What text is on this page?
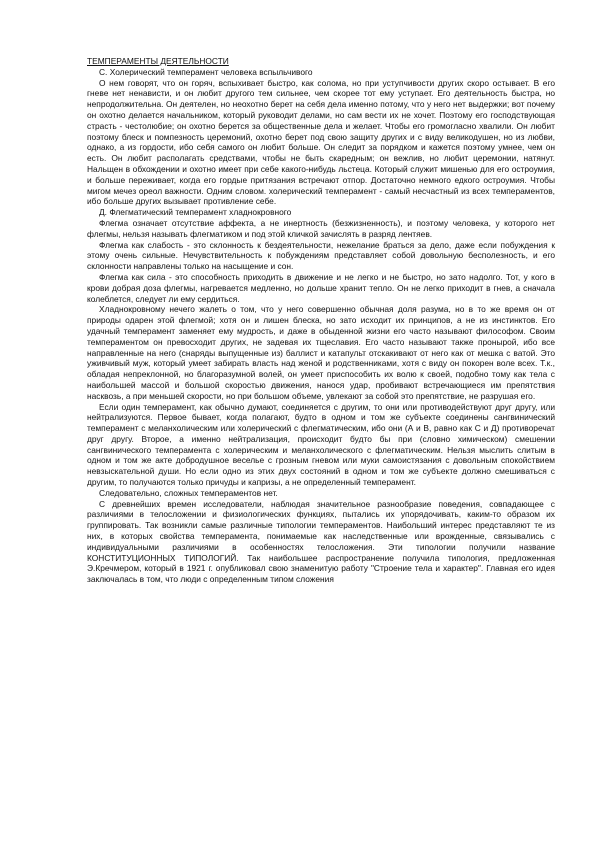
ТЕМПЕРАМЕНТЫ ДЕЯТЕЛЬНОСТИ

С. Холерический темперамент человека вспыльчивого

О нем говорят, что он горяч, вспыхивает быстро, как солома, но при уступчивости других скоро остывает. В его гневе нет ненависти, и он любит другого тем сильнее, чем скорее тот ему уступает. Его деятельность быстра, но непродолжительна. Он деятелен, но неохотно берет на себя дела именно потому, что у него нет выдержки; вот почему он охотно делается начальником, который руководит делами, но сам вести их не хочет. Поэтому его господствующая страсть - честолюбие; он охотно берется за общественные дела и желает. Чтобы его громогласно хвалили. Он любит поэтому блеск и помпезность церемоний, охотно берет под свою защиту других и с виду великодушен, но из любви, однако, а из гордости, ибо себя самого он любит больше. Он следит за порядком и кажется поэтому умнее, чем он есть. Он любит располагать средствами, чтобы не быть скаредным; он вежлив, но любит церемонии, натянут. Нальщен в обхождении и охотно имеет при себе какого-нибудь льстеца. Который служит мишенью для его остроумия, и больше переживает, когда его гордые притязания встречают отпор. Достаточно немного едкого остроумия. Чтобы мигом мечез ореол важности. Одним словом. холерический темперамент - самый несчастный из всех темпераментов, ибо больше других вызывает противление себе.

Д. Флегматический темперамент хладнокровного

Флегма означает отсутствие аффекта, а не инертность (безжизненность), и поэтому человека, у которого нет флегмы, нельзя называть флегматиком и под этой кличкой зачислять в разряд лентяев.

Флегма как слабость - это склонность к бездеятельности, нежелание браться за дело, даже если побуждения к этому очень сильные. Нечувствительность к побуждениям представляет собой довольную бесполезность, и его склонности направлены только на насыщение и сон.

Флегма как сила - это способность приходить в движение и не легко и не быстро, но зато надолго. Тот, у кого в крови добрая доза флегмы, нагревается медленно, но дольше хранит тепло. Он не легко приходит в гнев, а сначала колеблется, следует ли ему сердиться.

Хладнокровному нечего жалеть о том, что у него совершенно обычная доля разума, но в то же время он от природы одарен этой флегмой; хотя он и лишен блеска, но зато исходит их принципов, а не из инстинктов. Его удачный темперамент заменяет ему мудрость, и даже в обыденной жизни его часто называют философом. Своим темпераментом он превосходит других, не задевая их тщеславия. Его часто называют также пронырой, ибо все направленные на него (снаряды выпущенные из) баллист и катапульт отскакивают от него как от мешка с ватой. Это уживчивый муж, который умеет забирать власть над женой и родственниками, хотя с виду он покорен воле всех. Т.к., обладая непреклонной, но благоразумной волей, он умеет приспособить их волю к своей, подобно тому как тела с наибольшей массой и большой скоростью движения, нанося удар, пробивают встречающиеся им препятствия насквозь, а при меньшей скорости, но при большом объеме, увлекают за собой это препятствие, не разрушая его.

Если один темперамент, как обычно думают, соединяется с другим, то они или противодействуют друг другу, или нейтрализуются. Первое бывает, когда полагают, будто в одном и том же субъекте соединены сангвинический темперамент с меланхолическим или холерический с флегматическим, ибо они (А и В, равно как С и Д) противоречат друг другу. Второе, а именно нейтрализация, происходит будто бы при (словно химическом) смешении сангвинического темперамента с холерическим и меланхолического с флегматическим. Нельзя мыслить слитым в одном и том же акте добродушное веселье с грозным гневом или муки самоистязания с довольным спокойствием невзыскательной души. Но если одно из этих двух состояний в одном и том же субъекте должно смешиваться с другим, то получаются только причуды и капризы, а не определенный темперамент.

Следовательно, сложных темпераментов нет.

С древнейших времен исследователи, наблюдая значительное разнообразие поведения, совпадающее с различиями в телосложении и физиологических функциях, пытались их упорядочивать, каким-то образом их группировать. Так возникли самые различные типологии темпераментов. Наибольший интерес представляют те из них, в которых свойства темперамента, понимаемые как наследственные или врожденные, связывались с индивидуальными различиями в особенностях телосложения. Эти типологии получили название КОНСТИТУЦИОННЫХ ТИПОЛОГИЙ. Так наибольшее распространение получила типология, предложенная Э.Кречмером, который в 1921 г. опубликовал свою знаменитую работу "Строение тела и характер". Главная его идея заключалась в том, что люди с определенным типом сложения
